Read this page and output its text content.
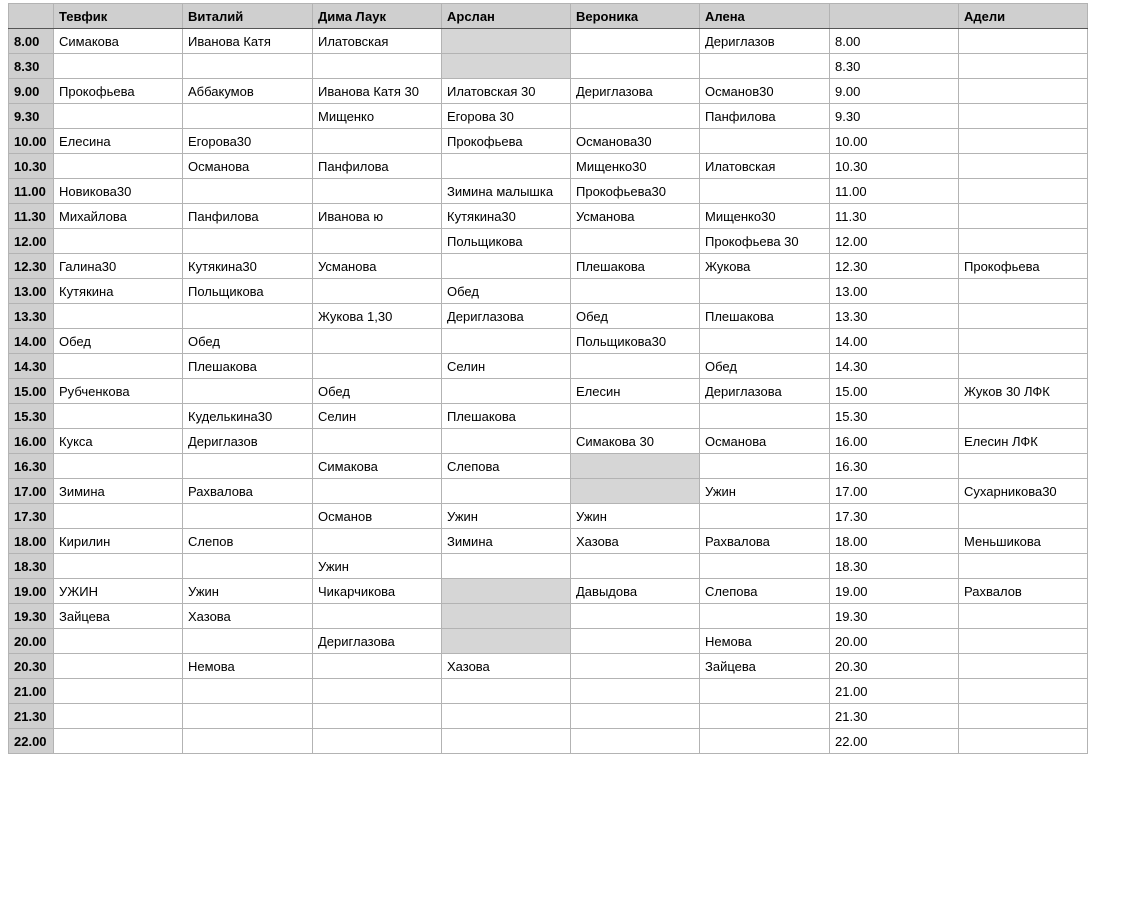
	Тевфик	Виталий	Дима Лаук	Арслан	Вероника	Алена		Адели
8.00	Симакова	Иванова Катя	Илатовская			Дериглазов	8.00	
8.30							8.30	
9.00	Прокофьева	Аббакумов	Иванова Катя 30	Илатовская 30	Дериглазова	Османов30	9.00	
9.30			Мищенко	Егорова 30		Панфилова	9.30	
10.00	Елесина	Егорова30		Прокофьева	Османова30		10.00	
10.30		Османова	Панфилова		Мищенко30	Илатовская	10.30	
11.00	Новикова30			Зимина малышка	Прокофьева30		11.00	
11.30	Михайлова	Панфилова	Иванова ю	Кутякина30	Усманова	Мищенко30	11.30	
12.00				Польщикова		Прокофьева 30	12.00	
12.30	Галина30	Кутякина30	Усманова		Плешакова	Жукова	12.30	Прокофьева
13.00	Кутякина	Польщикова		Обед			13.00	
13.30			Жукова 1,30	Дериглазова	Обед	Плешакова	13.30	
14.00	Обед	Обед			Польщикова30		14.00	
14.30		Плешакова		Селин		Обед	14.30	
15.00	Рубченкова		Обед		Елесин	Дериглазова	15.00	Жуков 30 ЛФК
15.30		Куделькина30	Селин	Плешакова			15.30	
16.00	Кукса	Дериглазов			Симакова 30	Османова	16.00	Елесин ЛФК
16.30			Симакова	Слепова			16.30	
17.00	Зимина	Рахвалова				Ужин	17.00	Сухарникова30
17.30			Османов	Ужин	Ужин		17.30	
18.00	Кирилин	Слепов		Зимина	Хазова	Рахвалова	18.00	Меньшикова
18.30			Ужин				18.30	
19.00	УЖИН	Ужин	Чикарчикова		Давыдова	Слепова	19.00	Рахвалов
19.30	Зайцева	Хазова					19.30	
20.00			Дериглазова			Немова	20.00	
20.30		Немова		Хазова		Зайцева	20.30	
21.00							21.00	
21.30							21.30	
22.00							22.00	
